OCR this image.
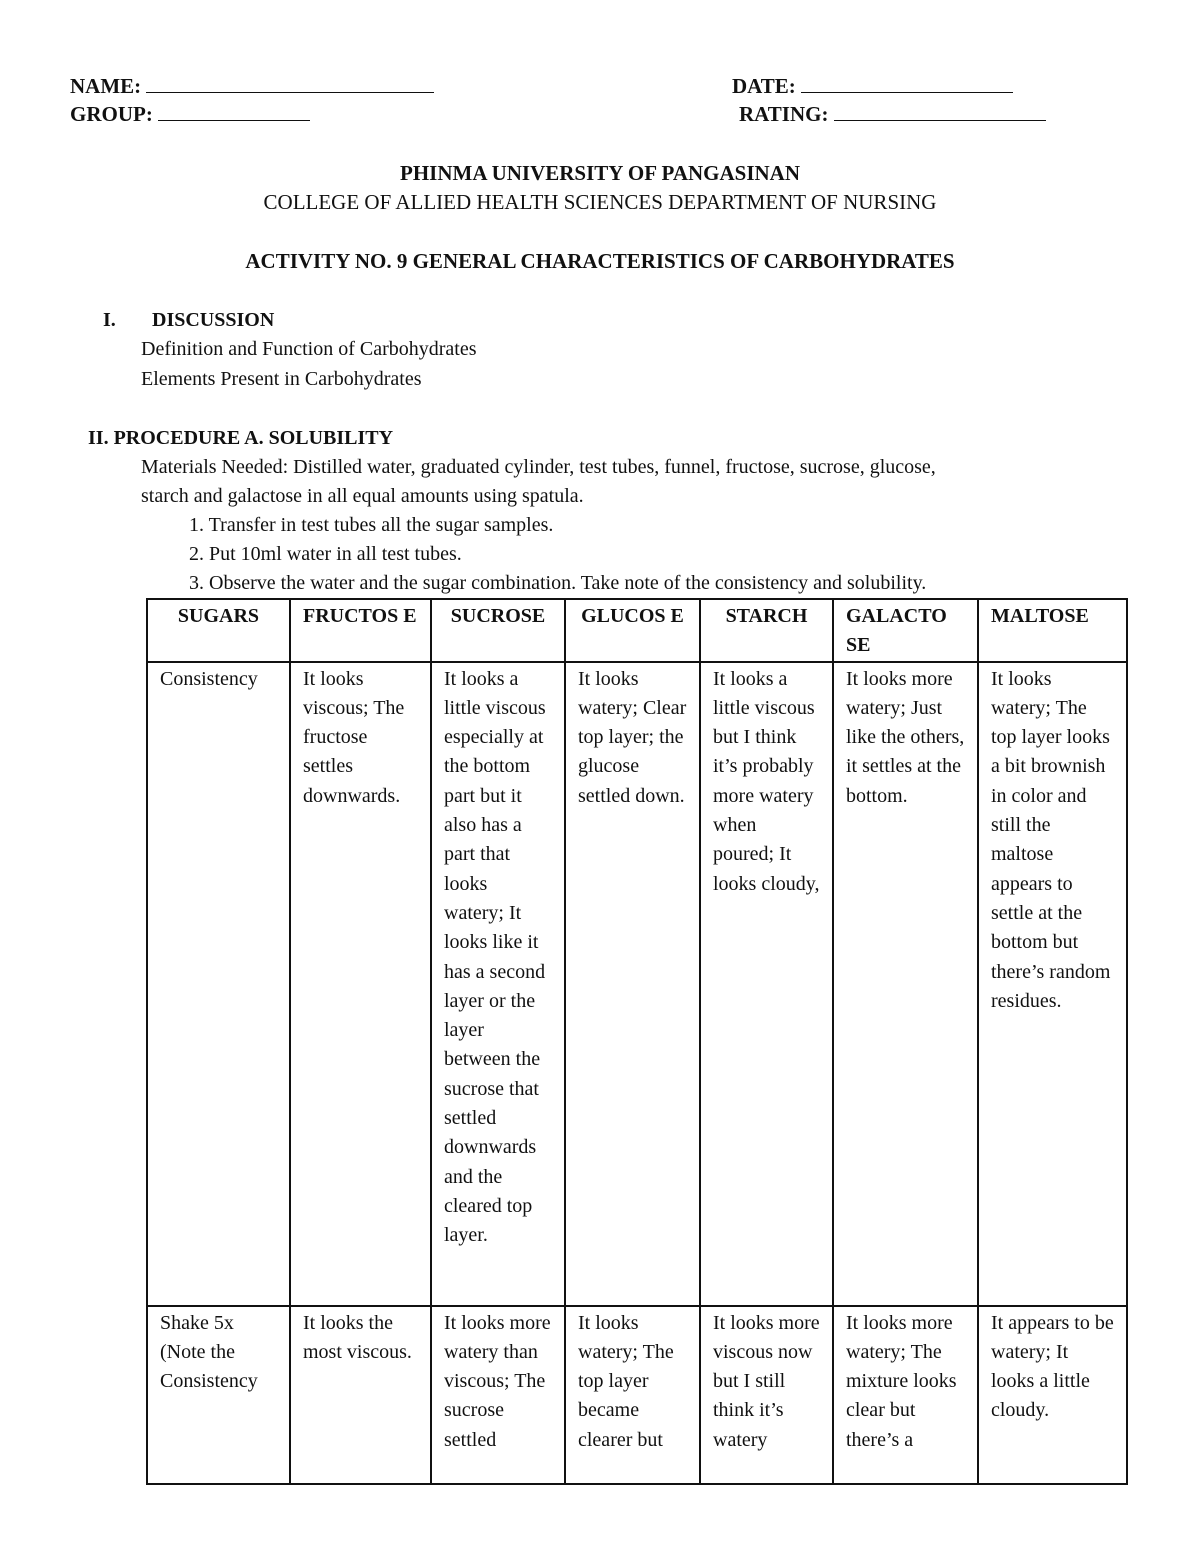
NAME:	DATE:
GROUP:	RATING:
PHINMA UNIVERSITY OF PANGASINAN
COLLEGE OF ALLIED HEALTH SCIENCES DEPARTMENT OF NURSING
ACTIVITY NO. 9 GENERAL CHARACTERISTICS OF CARBOHYDRATES
I. DISCUSSION
Definition and Function of Carbohydrates
Elements Present in Carbohydrates
II. PROCEDURE A. SOLUBILITY
Materials Needed: Distilled water, graduated cylinder, test tubes, funnel, fructose, sucrose, glucose,
starch and galactose in all equal amounts using spatula.
1. Transfer in test tubes all the sugar samples.
2. Put 10ml water in all test tubes.
3. Observe the water and the sugar combination. Take note of the consistency and solubility.
SUGARS	FRUCTOS E	SUCROSE	GLUCOS E	STARCH	GALACTO SE	MALTOSE
Consistency	It looks viscous; The fructose settles downwards.	It looks a little viscous especially at the bottom part but it also has a part that looks watery; It looks like it has a second layer or the layer between the sucrose that settled downwards and the cleared top layer.	It looks watery; Clear top layer; the glucose settled down.	It looks a little viscous but I think it’s probably more watery when poured; It looks cloudy,	It looks more watery; Just like the others, it settles at the bottom.	It looks watery; The top layer looks a bit brownish in color and still the maltose appears to settle at the bottom but there’s random residues.
Shake 5x (Note the Consistency	It looks the most viscous.	It looks more watery than viscous; The sucrose settled	It looks watery; The top layer became clearer but	It looks more viscous now but I still think it’s watery	It looks more watery; The mixture looks clear but there’s a	It appears to be watery; It looks a little cloudy.
